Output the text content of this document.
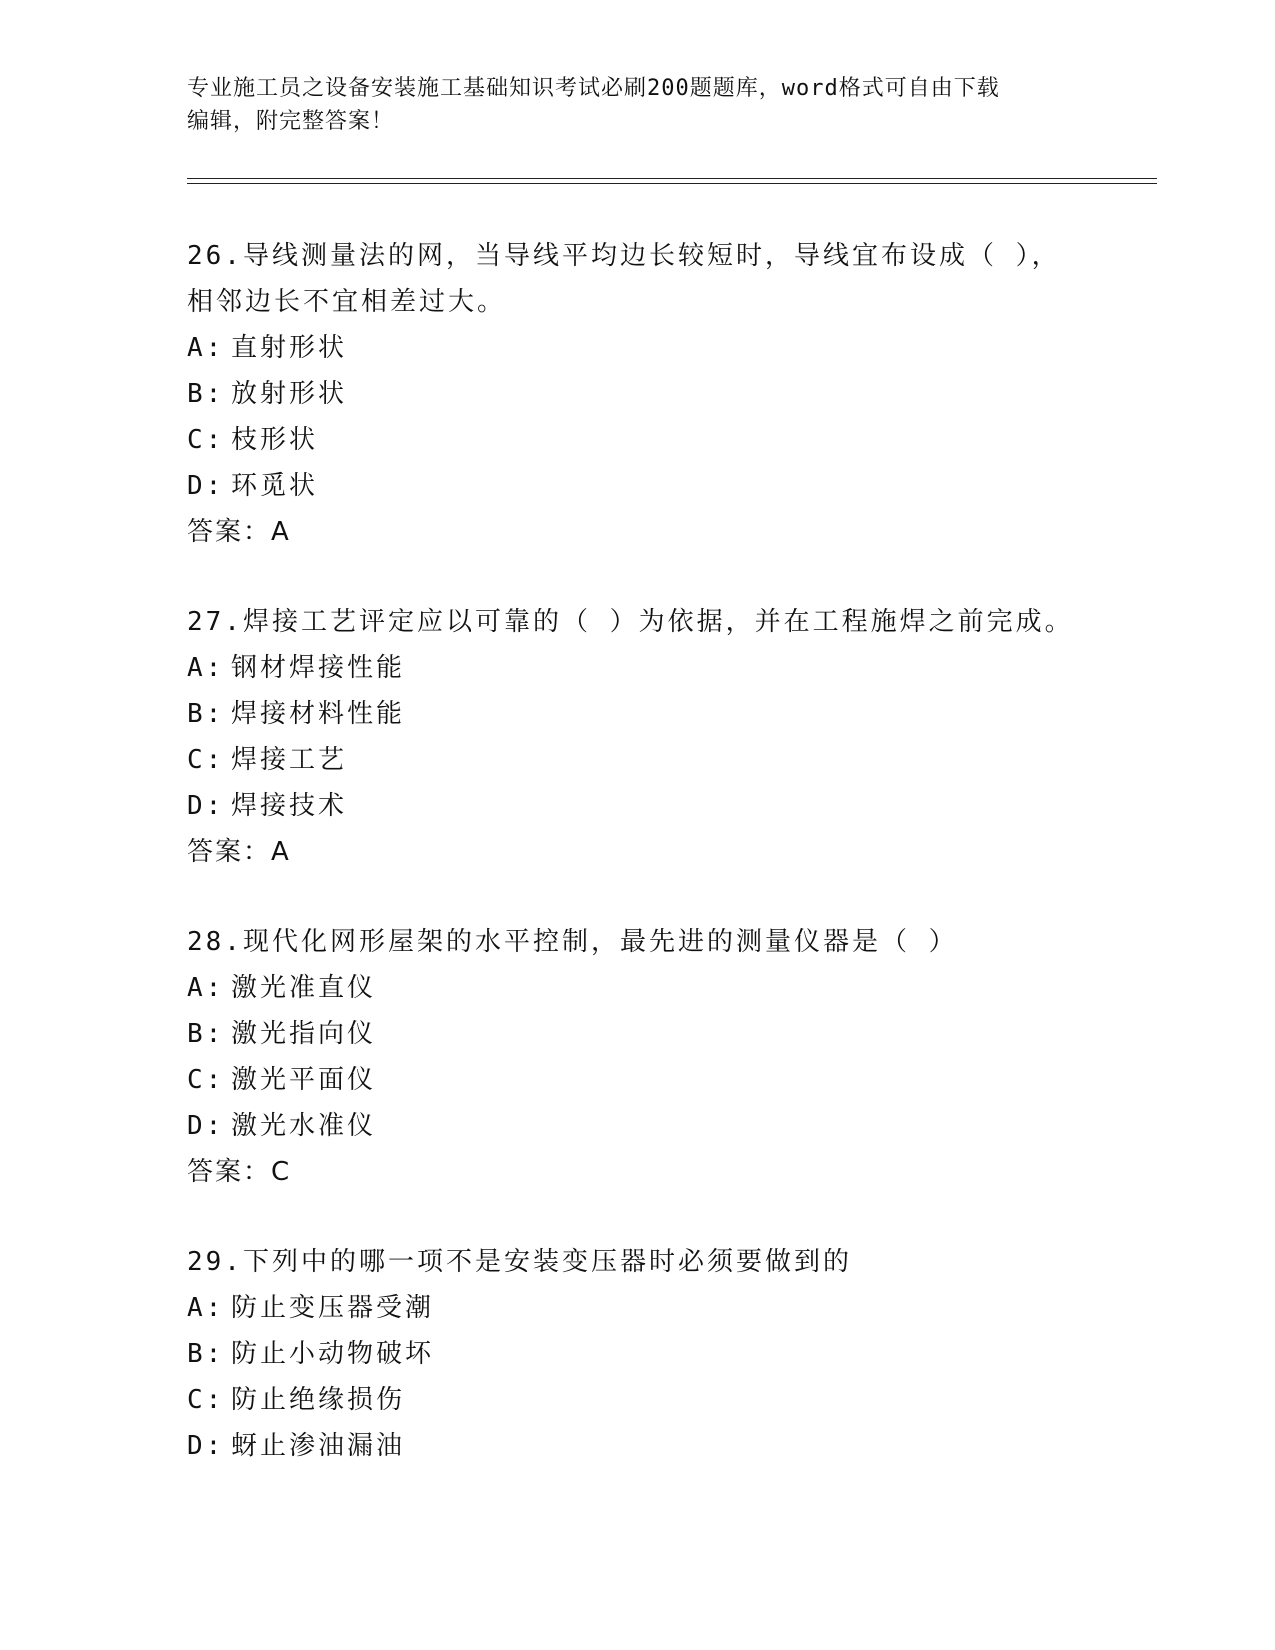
专业施工员之设备安装施工基础知识考试必刷200题题库，word格式可自由下载
编辑，附完整答案！
26.导线测量法的网，当导线平均边长较短时，导线宜布设成（ ），
相邻边长不宜相差过大。
A: 直射形状
B: 放射形状
C: 枝形状
D: 环觅状
答案：A
27.焊接工艺评定应以可靠的（ ）为依据，并在工程施焊之前完成。
A: 钢材焊接性能
B: 焊接材料性能
C: 焊接工艺
D: 焊接技术
答案：A
28.现代化网形屋架的水平控制，最先进的测量仪器是（ ）
A: 激光准直仪
B: 激光指向仪
C: 激光平面仪
D: 激光水准仪
答案：C
29.下列中的哪一项不是安装变压器时必须要做到的
A: 防止变压器受潮
B: 防止小动物破坏
C: 防止绝缘损伤
D: 蚜止渗油漏油
